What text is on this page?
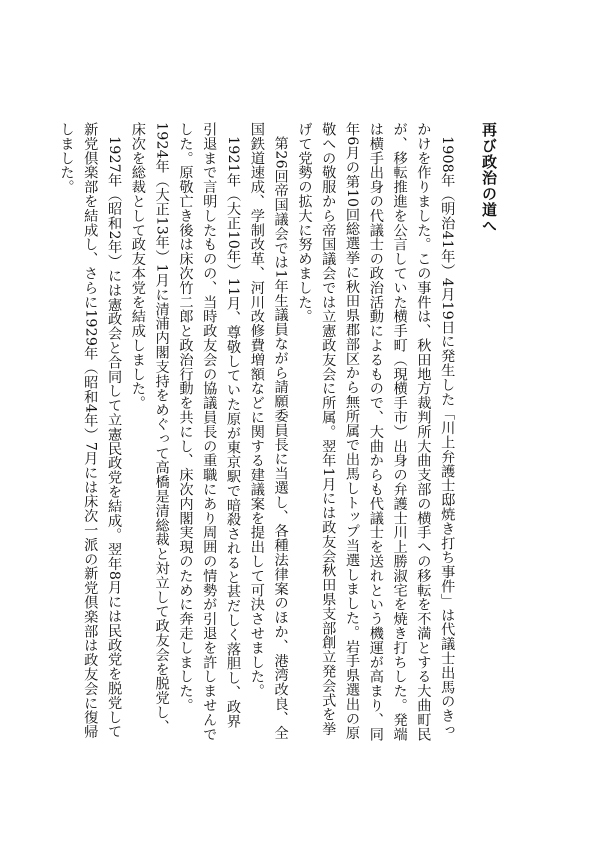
再び政治の道へ

1908年（明治41年）4月19日に発生した「川上弁護士邸焼き打ち事件」は代議士出馬のきっかけを作りました。この事件は、秋田地方裁判所大曲支部の横手への移転を不満とする大曲町民が、移転推進を公言していた横手町（現横手市）出身の弁護士川上勝淑宅を焼き打ちした。発端は横手出身の代議士の政治活動によるもので、大曲からも代議士を送れという機運が高まり、同年6月の第10回総選挙に秋田県郡部区から無所属で出馬しトップ当選しました。岩手県選出の原敬への敬服から帝国議会では立憲政友会に所属。翌年1月には政友会秋田県支部創立発会式を挙げて党勢の拡大に努めました。

第26回帝国議会では1年生議員ながら請願委員長に当選し、各種法律案のほか、港湾改良、全国鉄道速成、学制改革、河川改修費増額などに関する建議案を提出して可決させました。

1921年（大正10年）11月、尊敬していた原が東京駅で暗殺されると甚だしく落胆し、政界引退まで言明したものの、当時政友会の協議員長の重職にあり周囲の情勢が引退を許しませんでした。原敬亡き後は床次竹二郎と政治行動を共にし、床次内閣実現のために奔走しました。1924年（大正13年）1月に清浦内閣支持をめぐって高橋是清総裁と対立して政友会を脱党し、床次を総裁として政友本党を結成しました。

1927年（昭和2年）には憲政会と合同して立憲民政党を結成。翌年8月には民政党を脱党して新党倶楽部を結成し、さらに1929年（昭和4年）7月には床次一派の新党倶楽部は政友会に復帰しました。
